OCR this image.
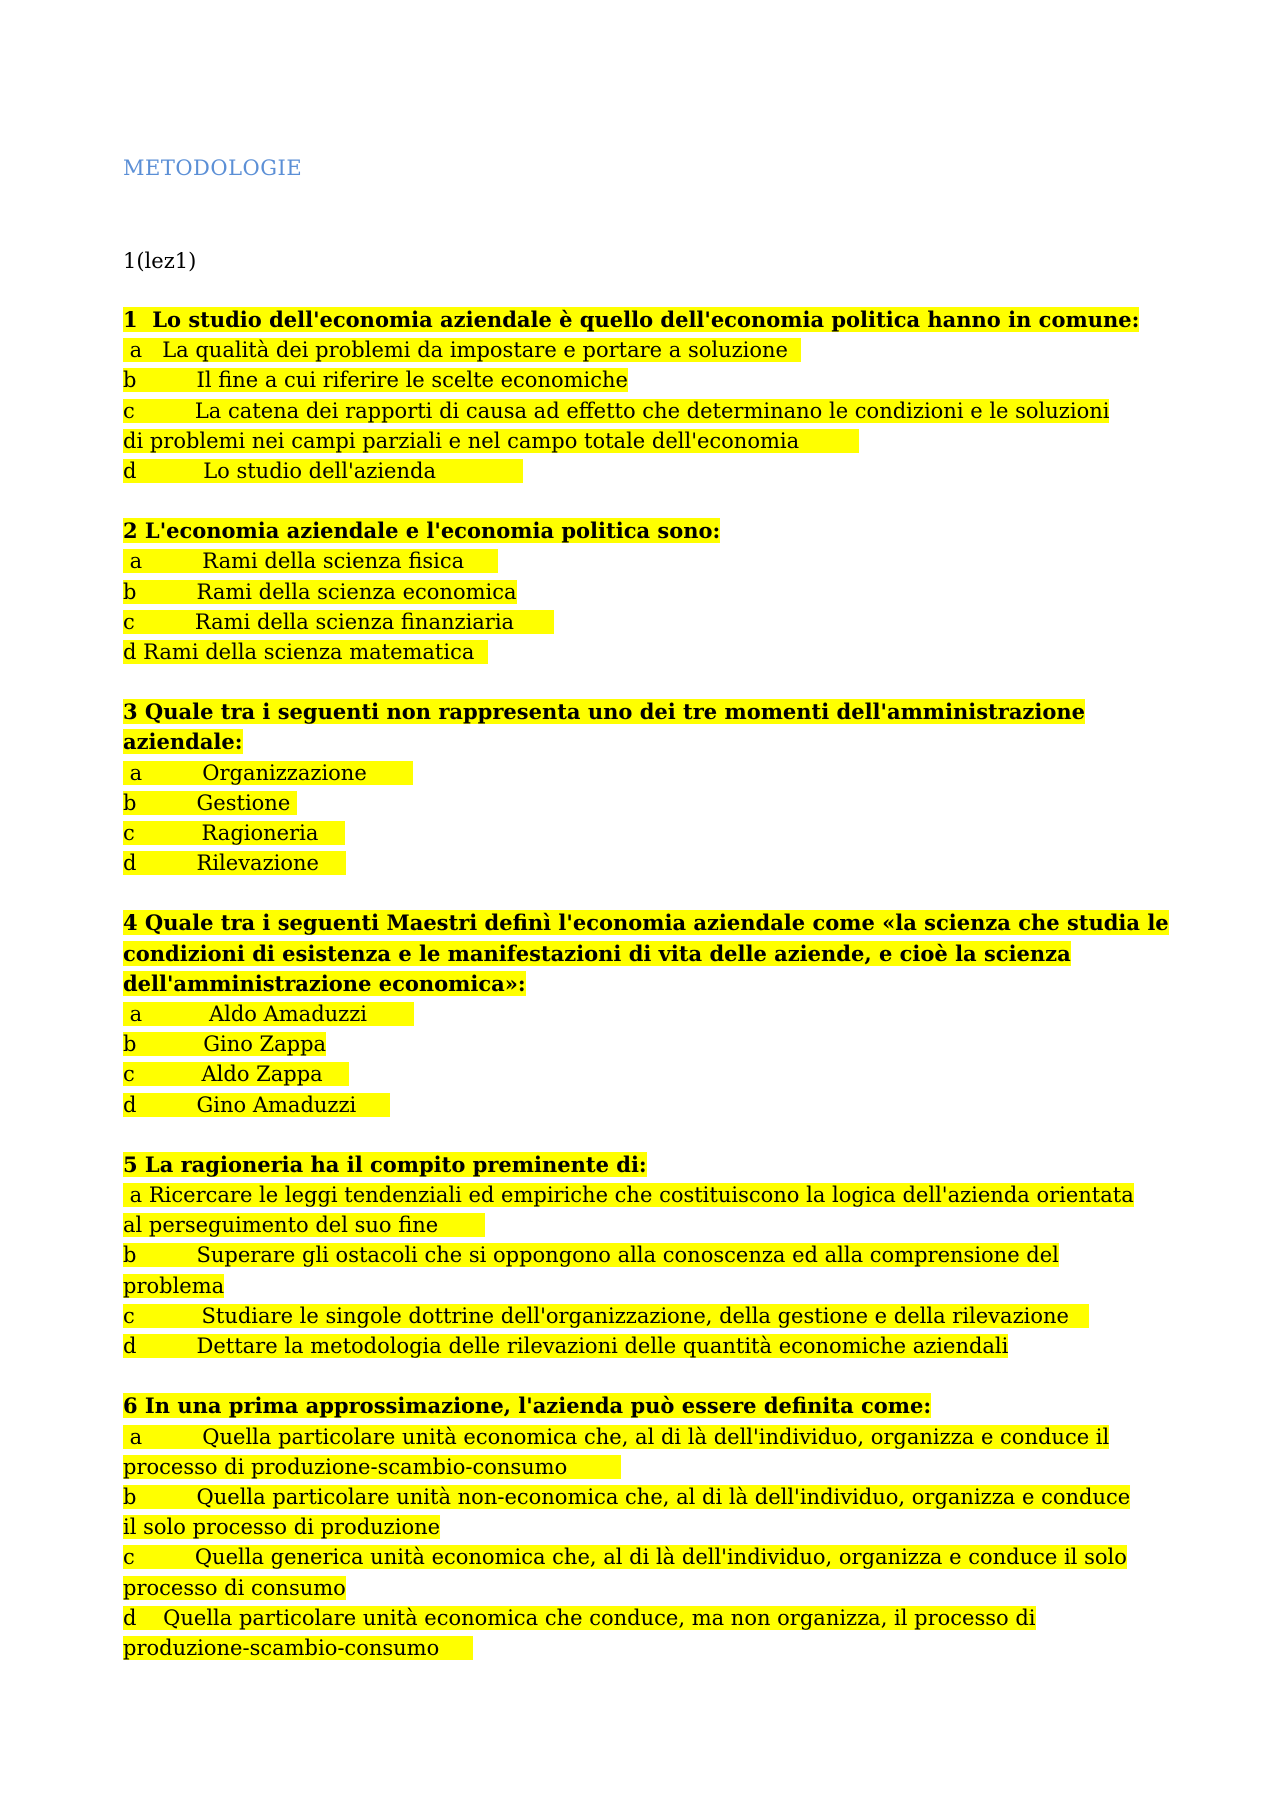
METODOLOGIE
1(lez1)
1  Lo studio dell'economia aziendale è quello dell'economia politica hanno in comune:
a   La qualità dei problemi da impostare e portare a soluzione
b         Il fine a cui riferire le scelte economiche
c         La catena dei rapporti di causa ad effetto che determinano le condizioni e le soluzioni
di problemi nei campi parziali e nel campo totale dell'economia
d          Lo studio dell'azienda
2 L'economia aziendale e l'economia politica sono:
a         Rami della scienza fisica
b         Rami della scienza economica
c         Rami della scienza finanziaria
d Rami della scienza matematica
3 Quale tra i seguenti non rappresenta uno dei tre momenti dell'amministrazione
aziendale:
a         Organizzazione
b         Gestione
c          Ragioneria
d         Rilevazione
4 Quale tra i seguenti Maestri definì l'economia aziendale come «la scienza che studia le
condizioni di esistenza e le manifestazioni di vita delle aziende, e cioè la scienza
dell'amministrazione economica»:
a          Aldo Amaduzzi
b          Gino Zappa
c          Aldo Zappa
d         Gino Amaduzzi
5 La ragioneria ha il compito preminente di:
a Ricercare le leggi tendenziali ed empiriche che costituiscono la logica dell'azienda orientata
al perseguimento del suo fine
b         Superare gli ostacoli che si oppongono alla conoscenza ed alla comprensione del
problema
c          Studiare le singole dottrine dell'organizzazione, della gestione e della rilevazione
d         Dettare la metodologia delle rilevazioni delle quantità economiche aziendali
6 In una prima approssimazione, l'azienda può essere definita come:
a         Quella particolare unità economica che, al di là dell'individuo, organizza e conduce il
processo di produzione-scambio-consumo
b         Quella particolare unità non-economica che, al di là dell'individuo, organizza e conduce
il solo processo di produzione
c         Quella generica unità economica che, al di là dell'individuo, organizza e conduce il solo
processo di consumo
d    Quella particolare unità economica che conduce, ma non organizza, il processo di
produzione-scambio-consumo
